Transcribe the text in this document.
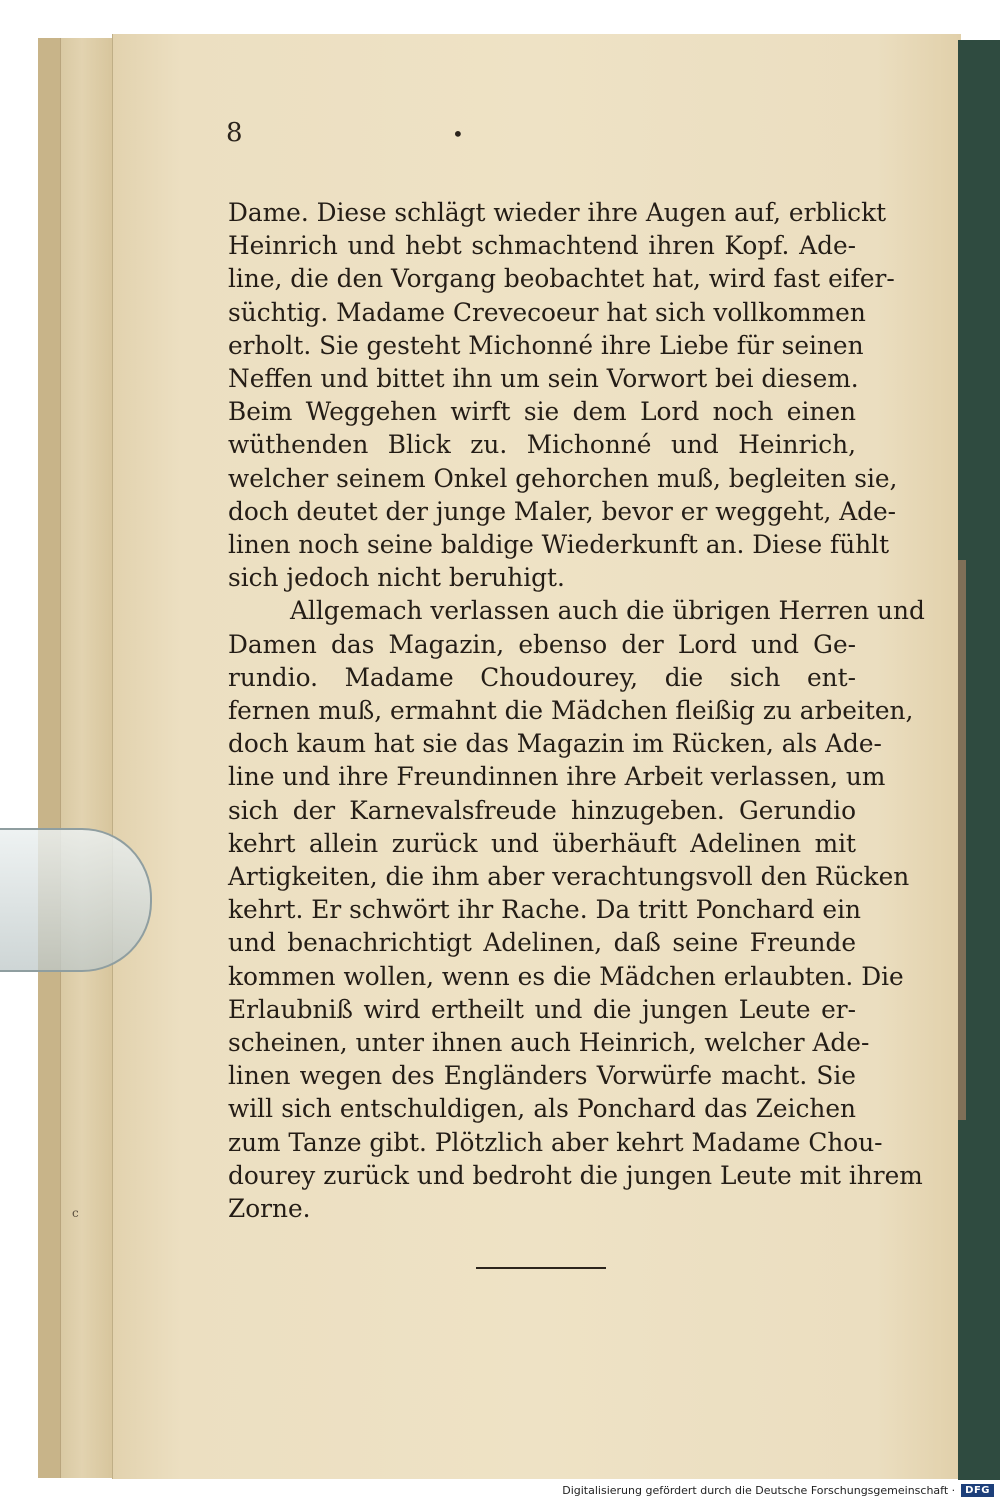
8	•
Dame. Diese schlägt wieder ihre Augen auf, erblickt
Heinrich und hebt schmachtend ihren Kopf. Ade-
line, die den Vorgang beobachtet hat, wird fast eifer-
süchtig. Madame Crevecoeur hat sich vollkommen
erholt. Sie gesteht Michonné ihre Liebe für seinen
Neffen und bittet ihn um sein Vorwort bei diesem.
Beim Weggehen wirft sie dem Lord noch einen
wüthenden Blick zu. Michonné und Heinrich,
welcher seinem Onkel gehorchen muß, begleiten sie,
doch deutet der junge Maler, bevor er weggeht, Ade-
linen noch seine baldige Wiederkunft an. Diese fühlt
sich jedoch nicht beruhigt.
Allgemach verlassen auch die übrigen Herren und
Damen das Magazin, ebenso der Lord und Ge-
rundio. Madame Choudourey, die sich ent-
fernen muß, ermahnt die Mädchen fleißig zu arbeiten,
doch kaum hat sie das Magazin im Rücken, als Ade-
line und ihre Freundinnen ihre Arbeit verlassen, um
sich der Karnevalsfreude hinzugeben. Gerundio
kehrt allein zurück und überhäuft Adelinen mit
Artigkeiten, die ihm aber verachtungsvoll den Rücken
kehrt. Er schwört ihr Rache. Da tritt Ponchard ein
und benachrichtigt Adelinen, daß seine Freunde
kommen wollen, wenn es die Mädchen erlaubten. Die
Erlaubniß wird ertheilt und die jungen Leute er-
scheinen, unter ihnen auch Heinrich, welcher Ade-
linen wegen des Engländers Vorwürfe macht. Sie
will sich entschuldigen, als Ponchard das Zeichen
zum Tanze gibt. Plötzlich aber kehrt Madame Chou-
dourey zurück und bedroht die jungen Leute mit ihrem
Zorne.
c
Digitalisierung gefördert durch die Deutsche Forschungsgemeinschaft ·	DFG
